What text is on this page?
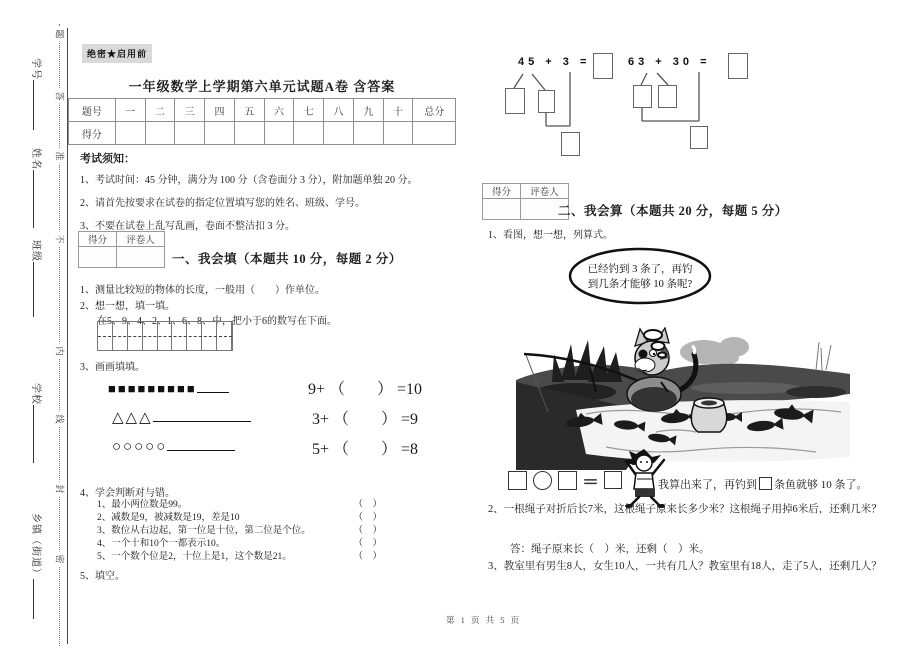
题
答
准
不
内
线
封
密
学号
姓名
班级
学校
乡镇（街道）
绝密★启用前
一年级数学上学期第六单元试题A卷 含答案
题号	一	二	三	四	五	六	七	八	九	十	总分
得分											
考试须知：
1、考试时间：45 分钟，满分为 100 分（含卷面分 3 分），附加题单独 20 分。
2、请首先按要求在试卷的指定位置填写您的姓名、班级、学号。
3、不要在试卷上乱写乱画，卷面不整洁扣 3 分。
得分	评卷人

一、我会填（本题共 10 分，每题 2 分）
1、测量比较短的物体的长度，一般用（　　）作单位。
2、想一想，填一填。
在5、9、4、2、1、6、8、中，把小于6的数写在下面。
3、画画填填。
■■■■■■■■■	9+ （　　） =10
△△△	3+ （　　） =9
○○○○○	5+ （　　） =8
4、学会判断对与错。
1、最小两位数是99。	（　）
2、减数是9，被减数是19，差是10	（　）
3、数位从右边起，第一位是十位，第二位是个位。	（　）
4、一个十和10个一都表示10。	（　）
5、一个数个位是2，十位上是1，这个数是21。	（　）
5、填空。
45 + 3 =	63 + 30 =
得分	评卷人

二、我会算（本题共 20 分，每题 5 分）
1、看图，想一想，列算式。
已经钓到 3 条了，再钓
到几条才能够 10 条呢?
＝	我算出来了，再钓到 条鱼就够 10 条了。
2、一根绳子对折后长7米，这根绳子原来长多少米？这根绳子用掉6米后，还剩几米？
答：绳子原来长（　）米，还剩（　）米。
3、教室里有男生8人，女生10人，一共有几人？教室里有18人，走了5人，还剩几人？
第 1 页 共 5 页
